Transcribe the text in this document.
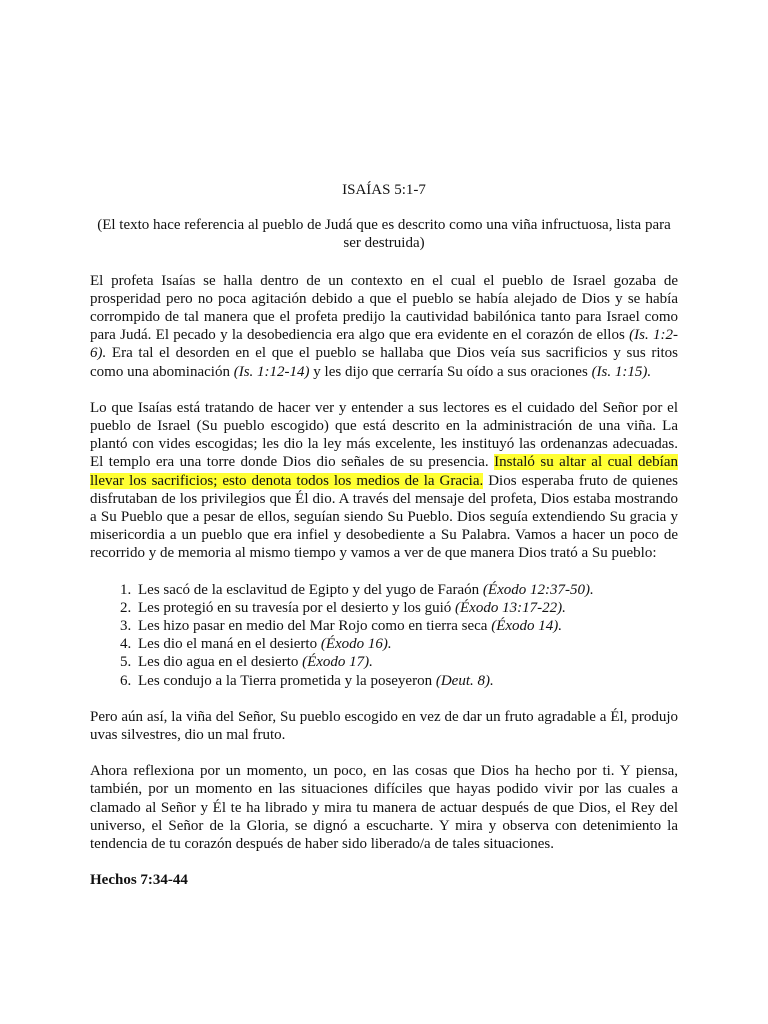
ISAÍAS 5:1-7
(El texto hace referencia al pueblo de Judá que es descrito como una viña infructuosa, lista para ser destruida)

El profeta Isaías se halla dentro de un contexto en el cual el pueblo de Israel gozaba de prosperidad pero no poca agitación debido a que el pueblo se había alejado de Dios y se había corrompido de tal manera que el profeta predijo la cautividad babilónica tanto para Israel como para Judá. El pecado y la desobediencia era algo que era evidente en el corazón de ellos (Is. 1:2-6). Era tal el desorden en el que el pueblo se hallaba que Dios veía sus sacrificios y sus ritos como una abominación (Is. 1:12-14) y les dijo que cerraría Su oído a sus oraciones (Is. 1:15).

Lo que Isaías está tratando de hacer ver y entender a sus lectores es el cuidado del Señor por el pueblo de Israel (Su pueblo escogido) que está descrito en la administración de una viña. La plantó con vides escogidas; les dio la ley más excelente, les instituyó las ordenanzas adecuadas. El templo era una torre donde Dios dio señales de su presencia. Instaló su altar al cual debían llevar los sacrificios; esto denota todos los medios de la Gracia. Dios esperaba fruto de quienes disfrutaban de los privilegios que Él dio. A través del mensaje del profeta, Dios estaba mostrando a Su Pueblo que a pesar de ellos, seguían siendo Su Pueblo. Dios seguía extendiendo Su gracia y misericordia a un pueblo que era infiel y desobediente a Su Palabra. Vamos a hacer un poco de recorrido y de memoria al mismo tiempo y vamos a ver de que manera Dios trató a Su pueblo:

1. Les sacó de la esclavitud de Egipto y del yugo de Faraón (Éxodo 12:37-50).
2. Les protegió en su travesía por el desierto y los guió (Éxodo 13:17-22).
3. Les hizo pasar en medio del Mar Rojo como en tierra seca (Éxodo 14).
4. Les dio el maná en el desierto (Éxodo 16).
5. Les dio agua en el desierto (Éxodo 17).
6. Les condujo a la Tierra prometida y la poseyeron (Deut. 8).

Pero aún así, la viña del Señor, Su pueblo escogido en vez de dar un fruto agradable a Él, produjo uvas silvestres, dio un mal fruto.

Ahora reflexiona por un momento, un poco, en las cosas que Dios ha hecho por ti. Y piensa, también, por un momento en las situaciones difíciles que hayas podido vivir por las cuales a clamado al Señor y Él te ha librado y mira tu manera de actuar después de que Dios, el Rey del universo, el Señor de la Gloria, se dignó a escucharte. Y mira y observa con detenimiento la tendencia de tu corazón después de haber sido liberado/a de tales situaciones.

Hechos 7:34-44
